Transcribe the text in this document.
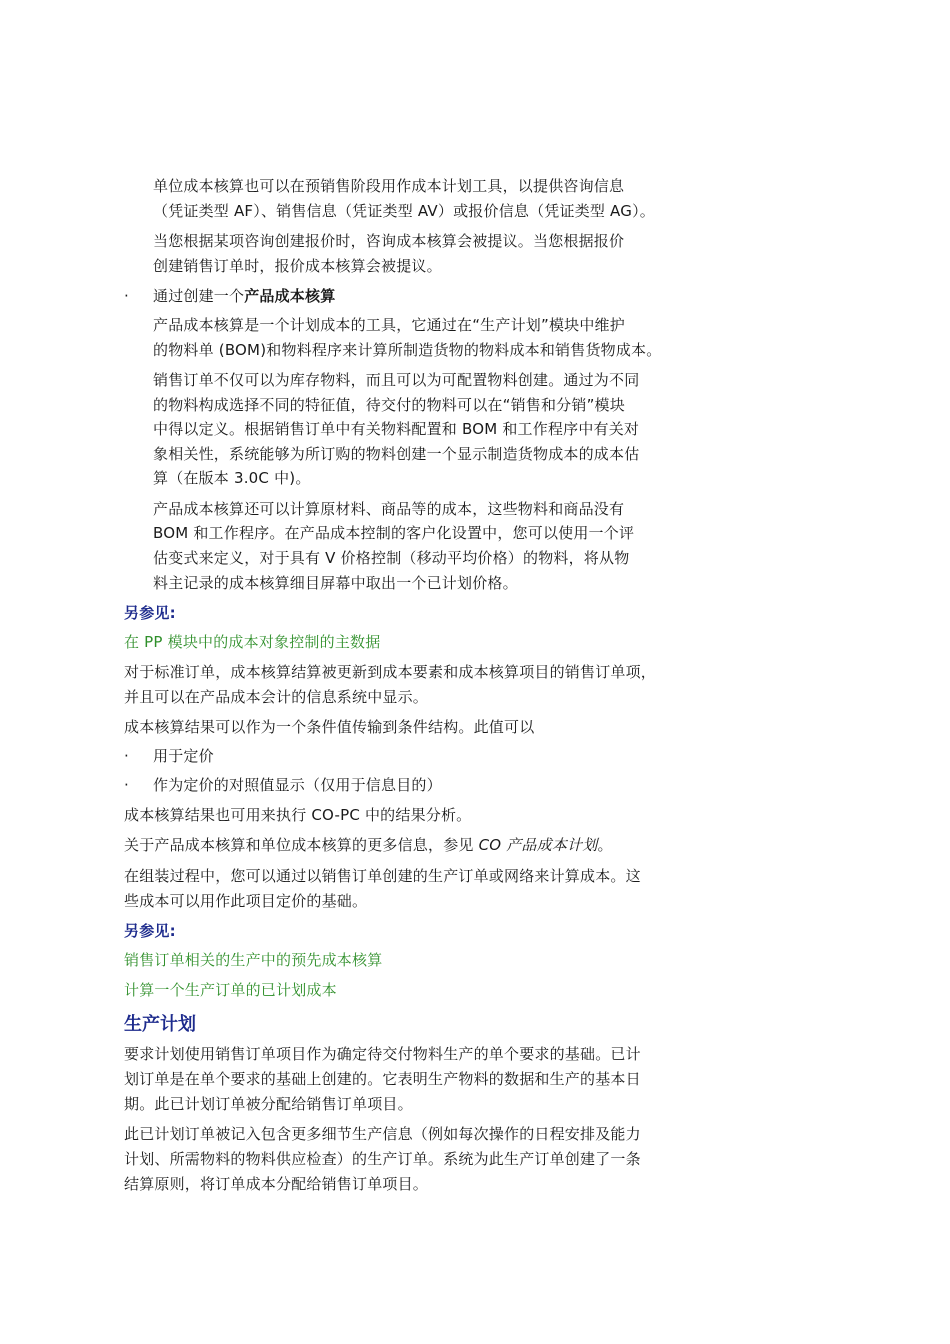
单位成本核算也可以在预销售阶段用作成本计划工具，以提供咨询信息
（凭证类型 AF）、销售信息（凭证类型 AV）或报价信息（凭证类型 AG）。
当您根据某项咨询创建报价时，咨询成本核算会被提议。当您根据报价
创建销售订单时，报价成本核算会被提议。
· 通过创建一个产品成本核算
产品成本核算是一个计划成本的工具，它通过在“生产计划”模块中维护
的物料单 (BOM)和物料程序来计算所制造货物的物料成本和销售货物成本。
销售订单不仅可以为库存物料，而且可以为可配置物料创建。通过为不同
的物料构成选择不同的特征值，待交付的物料可以在“销售和分销”模块
中得以定义。根据销售订单中有关物料配置和 BOM 和工作程序中有关对
象相关性，系统能够为所订购的物料创建一个显示制造货物成本的成本估
算（在版本 3.0C 中)。
产品成本核算还可以计算原材料、商品等的成本，这些物料和商品没有
BOM 和工作程序。在产品成本控制的客户化设置中，您可以使用一个评
估变式来定义，对于具有 V 价格控制（移动平均价格）的物料，将从物
料主记录的成本核算细目屏幕中取出一个已计划价格。
另参见:
在 PP 模块中的成本对象控制的主数据
对于标准订单，成本核算结算被更新到成本要素和成本核算项目的销售订单项，
并且可以在产品成本会计的信息系统中显示。
成本核算结果可以作为一个条件值传输到条件结构。此值可以
· 用于定价
· 作为定价的对照值显示（仅用于信息目的）
成本核算结果也可用来执行 CO-PC 中的结果分析。
关于产品成本核算和单位成本核算的更多信息，参见 CO 产品成本计划。
在组装过程中，您可以通过以销售订单创建的生产订单或网络来计算成本。这
些成本可以用作此项目定价的基础。
另参见:
销售订单相关的生产中的预先成本核算
计算一个生产订单的已计划成本
生产计划
要求计划使用销售订单项目作为确定待交付物料生产的单个要求的基础。已计
划订单是在单个要求的基础上创建的。它表明生产物料的数据和生产的基本日
期。此已计划订单被分配给销售订单项目。
此已计划订单被记入包含更多细节生产信息（例如每次操作的日程安排及能力
计划、所需物料的物料供应检查）的生产订单。系统为此生产订单创建了一条
结算原则，将订单成本分配给销售订单项目。
